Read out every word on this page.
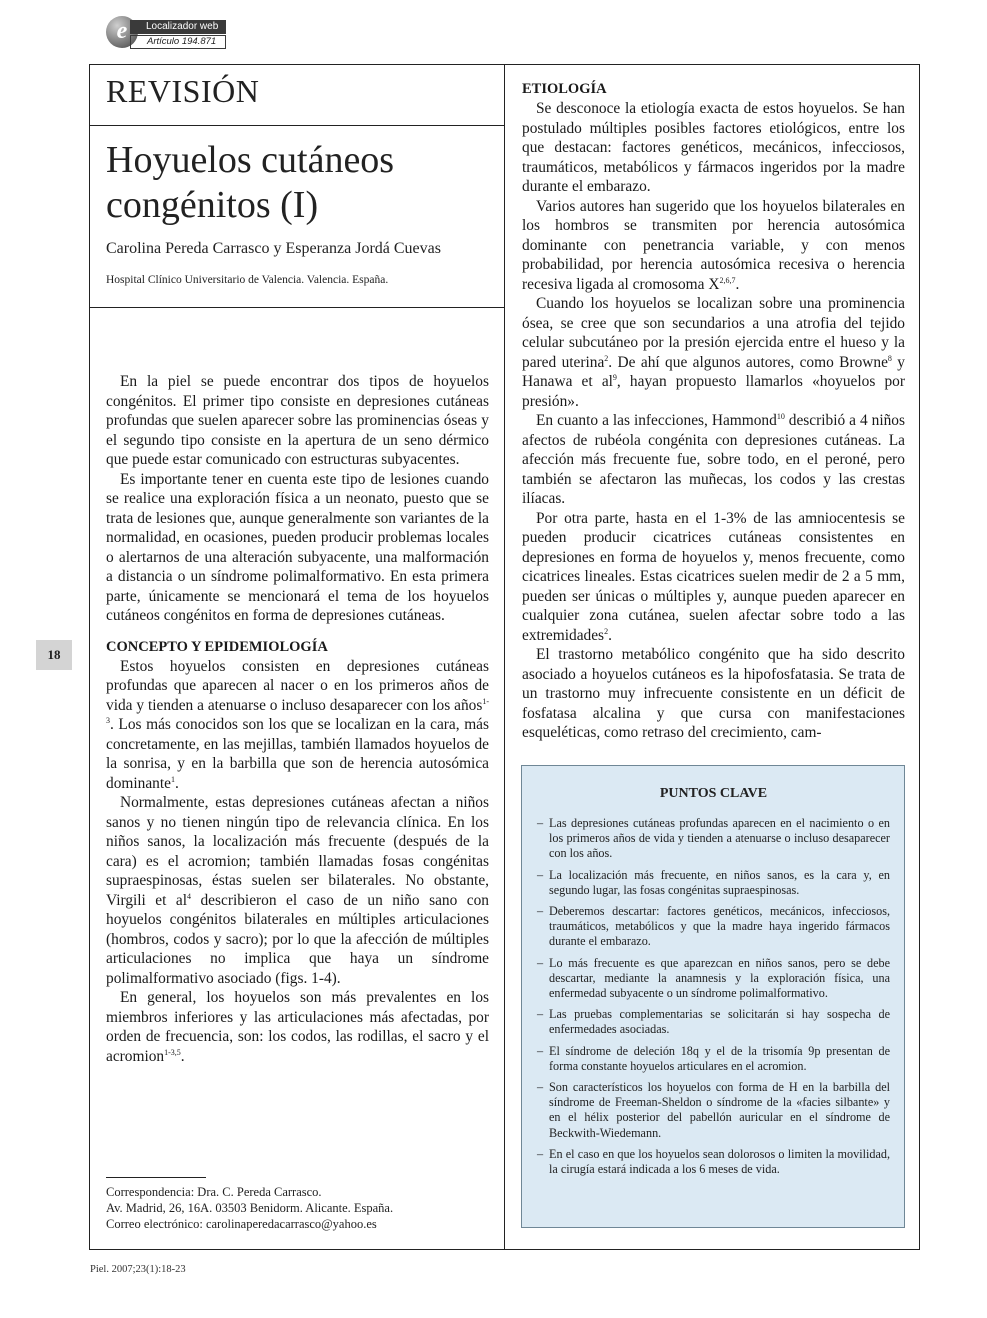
e	Localizador web
Artículo 194.871
REVISIÓN
Hoyuelos cutáneos
congénitos (I)
Carolina Pereda Carrasco y Esperanza Jordá Cuevas
Hospital Clínico Universitario de Valencia. Valencia. España.
18

En la piel se puede encontrar dos tipos de hoyuelos congénitos. El primer tipo consiste en depresiones cutáneas profundas que suelen aparecer sobre las prominencias óseas y el segundo tipo consiste en la apertura de un seno dérmico que puede estar comunicado con estructuras subyacentes.

Es importante tener en cuenta este tipo de lesiones cuando se realice una exploración física a un neonato, puesto que se trata de lesiones que, aunque generalmente son variantes de la normalidad, en ocasiones, pueden producir problemas locales o alertarnos de una alteración subyacente, una malformación a distancia o un síndrome polimalformativo. En esta primera parte, únicamente se mencionará el tema de los hoyuelos cutáneos congénitos en forma de depresiones cutáneas.

CONCEPTO Y EPIDEMIOLOGÍA

Estos hoyuelos consisten en depresiones cutáneas profundas que aparecen al nacer o en los primeros años de vida y tienden a atenuarse o incluso desaparecer con los años$^{1-3}$. Los más conocidos son los que se localizan en la cara, más concretamente, en las mejillas, también llamados hoyuelos de la sonrisa, y en la barbilla que son de herencia autosómica dominante$^1$.

Normalmente, estas depresiones cutáneas afectan a niños sanos y no tienen ningún tipo de relevancia clínica. En los niños sanos, la localización más frecuente (después de la cara) es el acromion; también llamadas fosas congénitas supraespinosas, éstas suelen ser bilaterales. No obstante, Virgili et $al^4$ describieron el caso de un niño sano con hoyuelos congénitos bilaterales en múltiples articulaciones (hombros, codos y sacro); por lo que la afección de múltiples articulaciones no implica que haya un síndrome polimalformativo asociado (figs. 1-4).

En general, los hoyuelos son más prevalentes en los miembros inferiores y las articulaciones más afectadas, por orden de frecuencia, son: los codos, las rodillas, el sacro y el acromion$^{1-3,5}$.

Correspondencia: Dra. C. Pereda Carrasco.
Av. Madrid, 26, 16A. 03503 Benidorm. Alicante. España.
Correo electrónico: carolinaperedacarrasco@yahoo.es
Piel. 2007;23(1):18-23
ETIOLOGÍA

Se desconoce la etiología exacta de estos hoyuelos. Se han postulado múltiples posibles factores etiológicos, entre los que destacan: factores genéticos, mecánicos, infecciosos, traumáticos, metabólicos y fármacos ingeridos por la madre durante el embarazo.

Varios autores han sugerido que los hoyuelos bilaterales en los hombros se transmiten por herencia autosómica dominante con penetrancia variable, y con menos probabilidad, por herencia autosómica recesiva o herencia recesiva ligada al cromosoma X$^{2,6,7}$.

Cuando los hoyuelos se localizan sobre una prominencia ósea, se cree que son secundarios a una atrofia del tejido celular subcutáneo por la presión ejercida entre el hueso y la pared uterina$^2$. De ahí que algunos autores, como Browne$^8$ y Hanawa et $al^9$, hayan propuesto llamarlos «hoyuelos por presión».

En cuanto a las infecciones, Hammond$^{10}$ describió a 4 niños afectos de rubéola congénita con depresiones cutáneas. La afección más frecuente fue, sobre todo, en el peroné, pero también se afectaron las muñecas, los codos y las crestas ilíacas.

Por otra parte, hasta en el 1-3% de las amniocentesis se pueden producir cicatrices cutáneas consistentes en depresiones en forma de hoyuelos y, menos frecuente, como cicatrices lineales. Estas cicatrices suelen medir de 2 a 5 mm, pueden ser únicas o múltiples y, aunque pueden aparecer en cualquier zona cutánea, suelen afectar sobre todo a las extremidades$^2$.

El trastorno metabólico congénito que ha sido descrito asociado a hoyuelos cutáneos es la hipofosfatasia. Se trata de un trastorno muy infrecuente consistente en un déficit de fosfatasa alcalina y que cursa con manifestaciones esqueléticas, como retraso del crecimiento, cam-

PUNTOS CLAVE
– Las depresiones cutáneas profundas aparecen en el nacimiento o en los primeros años de vida y tienden a atenuarse o incluso desaparecer con los años.
– La localización más frecuente, en niños sanos, es la cara y, en segundo lugar, las fosas congénitas supraespinosas.
– Deberemos descartar: factores genéticos, mecánicos, infecciosos, traumáticos, metabólicos y que la madre haya ingerido fármacos durante el embarazo.
– Lo más frecuente es que aparezcan en niños sanos, pero se debe descartar, mediante la anamnesis y la exploración física, una enfermedad subyacente o un síndrome polimalformativo.
– Las pruebas complementarias se solicitarán si hay sospecha de enfermedades asociadas.
– El síndrome de deleción 18q y el de la trisomía 9p presentan de forma constante hoyuelos articulares en el acromion.
– Son característicos los hoyuelos con forma de H en la barbilla del síndrome de Freeman-Sheldon o síndrome de la «facies silbante» y en el hélix posterior del pabellón auricular en el síndrome de Beckwith-Wiedemann.
– En el caso en que los hoyuelos sean dolorosos o limiten la movilidad, la cirugía estará indicada a los 6 meses de vida.
